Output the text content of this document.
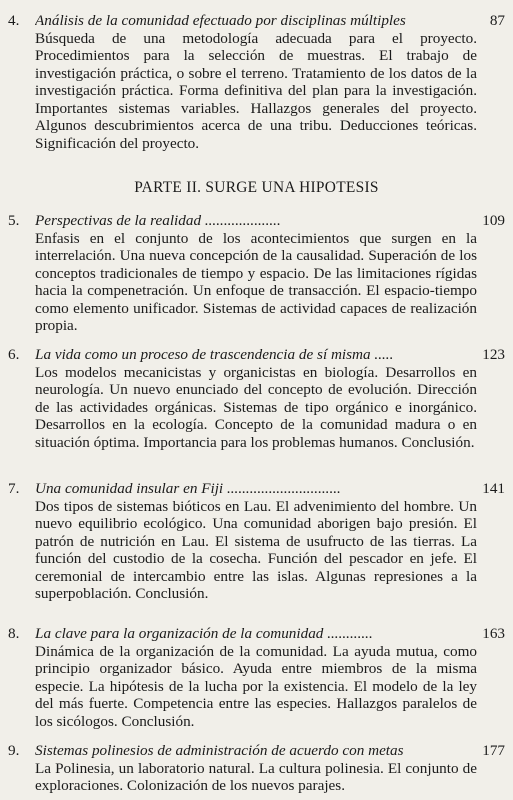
4.	Análisis de la comunidad efectuado por disciplinas múltiples	87
Búsqueda de una metodología adecuada para el proyecto. Procedimientos para la selección de muestras. El trabajo de investigación práctica, o sobre el terreno. Tratamiento de los datos de la investigación práctica. Forma definitiva del plan para la investigación. Importantes sistemas variables. Hallazgos generales del proyecto. Algunos descubrimientos acerca de una tribu. Deducciones teóricas. Significación del proyecto.
PARTE II. SURGE UNA HIPOTESIS
5.	Perspectivas de la realidad ....................	109
Enfasis en el conjunto de los acontecimientos que surgen en la interrelación. Una nueva concepción de la causalidad. Superación de los conceptos tradicionales de tiempo y espacio. De las limitaciones rígidas hacia la compenetración. Un enfoque de transacción. El espacio-tiempo como elemento unificador. Sistemas de actividad capaces de realización propia.
6.	La vida como un proceso de trascendencia de sí misma .....	123
Los modelos mecanicistas y organicistas en biología. Desarrollos en neurología. Un nuevo enunciado del concepto de evolución. Dirección de las actividades orgánicas. Sistemas de tipo orgánico e inorgánico. Desarrollos en la ecología. Concepto de la comunidad madura o en situación óptima. Importancia para los problemas humanos. Conclusión.
7.	Una comunidad insular en Fiji ..............................	141
Dos tipos de sistemas bióticos en Lau. El advenimiento del hombre. Un nuevo equilibrio ecológico. Una comunidad aborigen bajo presión. El patrón de nutrición en Lau. El sistema de usufructo de las tierras. La función del custodio de la cosecha. Función del pescador en jefe. El ceremonial de intercambio entre las islas. Algunas represiones a la superpoblación. Conclusión.
8.	La clave para la organización de la comunidad ............	163
Dinámica de la organización de la comunidad. La ayuda mutua, como principio organizador básico. Ayuda entre miembros de la misma especie. La hipótesis de la lucha por la existencia. El modelo de la ley del más fuerte. Competencia entre las especies. Hallazgos paralelos de los sicólogos. Conclusión.
9.	Sistemas polinesios de administración de acuerdo con metas	177
La Polinesia, un laboratorio natural. La cultura polinesia. El conjunto de exploraciones. Colonización de los nuevos parajes.
